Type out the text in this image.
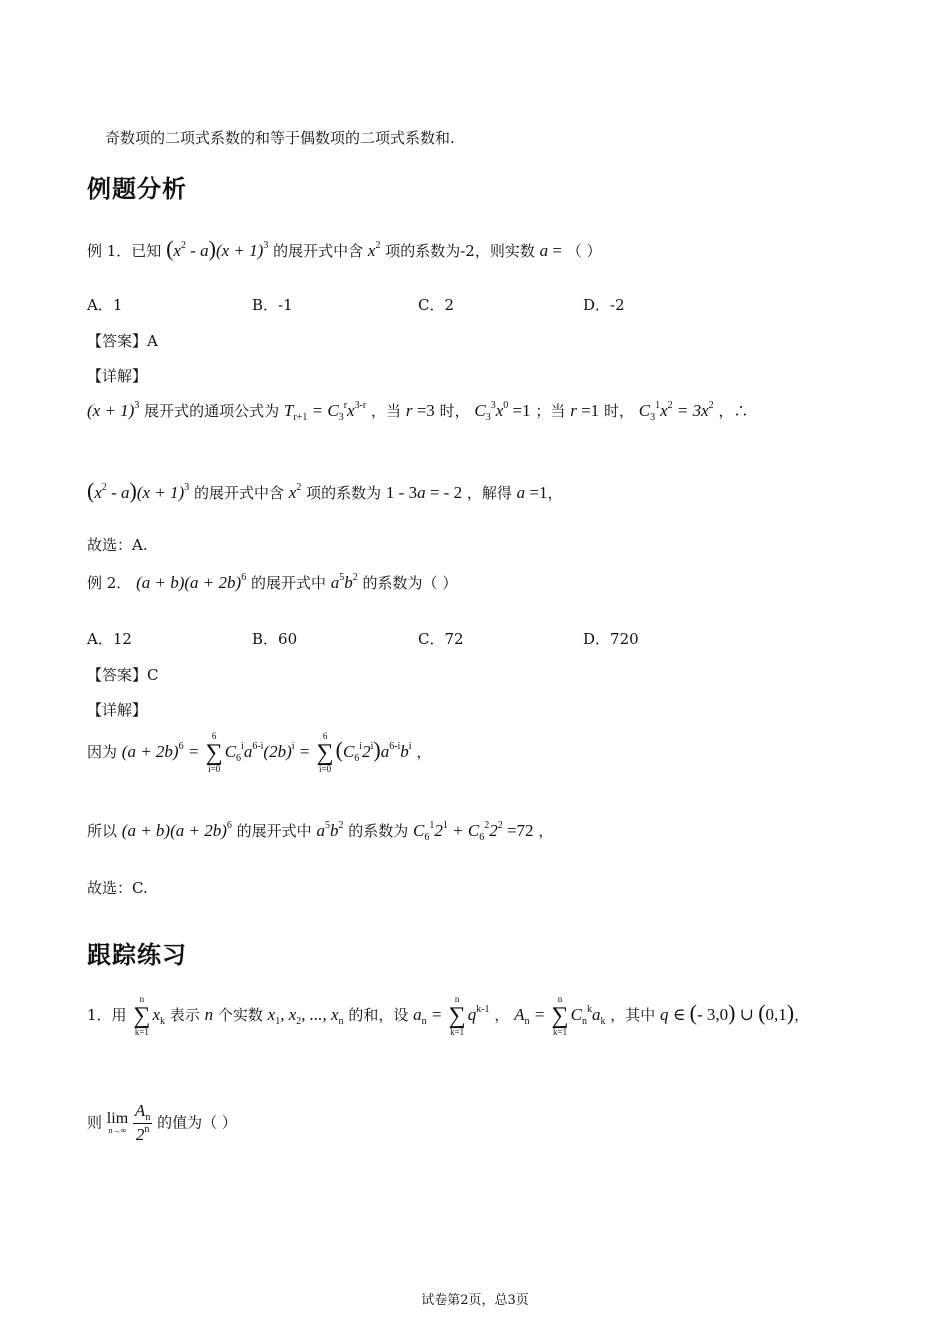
奇数项的二项式系数的和等于偶数项的二项式系数和.
例题分析
例 1．已知 $(x^2 - a)(x + 1)^3$ 的展开式中含 $x^2$ 项的系数为-2，则实数 a = （ ）
A．1	B．-1	C．2	D．-2
【答案】A
【详解】
$(x + 1)^3$ 展开式的通项公式为 $T_{r+1} = C_3^rx^{3-r}$ ，当 r =3 时， $C_3^3x^0 =1$ ；当 r =1 时， $C_3^1x^2 = 3x^2$ ，∴
$(x^2 - a)(x + 1)^3$ 的展开式中含 $x^2$ 项的系数为 1 - 3a = - 2 ，解得 a =1，
故选：A.
例 2． $(a + b)(a + 2b)^6$ 的展开式中 $a^5b^2$ 的系数为（ ）
A．12	B．60	C．72	D．720
【答案】C
【详解】
因为 $(a + 2b)^6$ =
6
∑
i=0
$C_6^ia^{6-i}(2b)^i$ =
6
∑
i=0
$(C_6^i2^i)a^{6-i}b^i$ ，
所以 $(a + b)(a + 2b)^6$ 的展开式中 $a^5b^2$ 的系数为 $C_6^12^1 + C_6^22^2 =72$ ，
故选：C.
跟踪练习
1．用
n
∑
k=1
$x_k$ 表示 n 个实数 $x_1$, $x_2$, ..., $x_n$ 的和，设 $a_n$ =
n
∑
k=1
$q^{k-1}$ ， $A_n$ =
n
∑
k=1
$C_n^ka_k$ ，其中 q ∈ (- 3,0) ∪ (0,1)，
则 lim
n→∞
$\frac{A_n}{2^n}$ 的值为（ ）
试卷第2页，总3页
